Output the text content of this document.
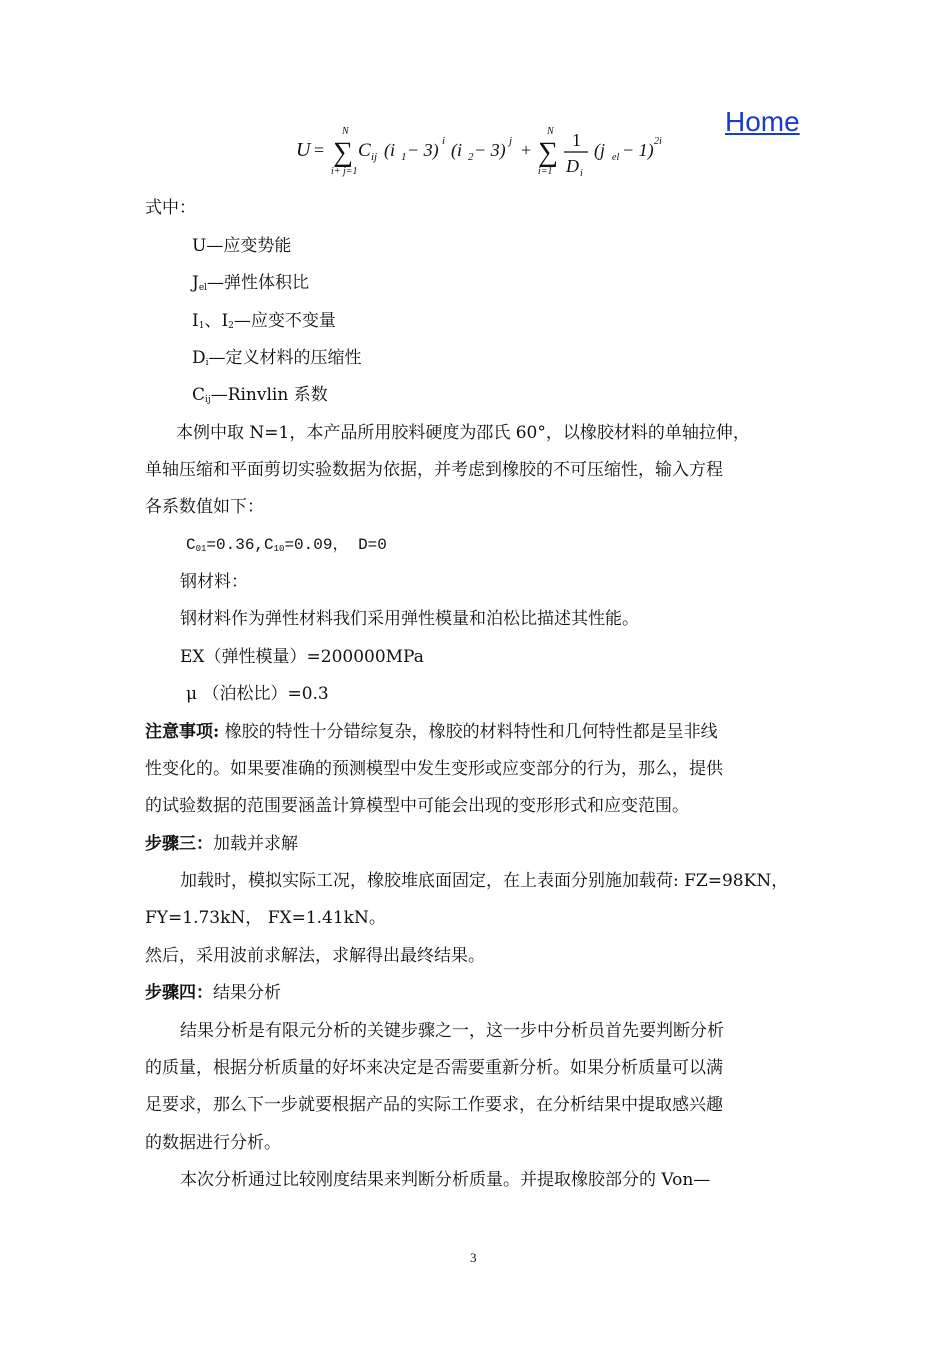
Home
U =
N
∑
i+ j=1
C ij (i 1 − 3) i (i 2 − 3) j +
N
∑
i=1
1
D i
(j el − 1) 2i
式中：
U—应变势能
$J_{el}—$弹性体积比
$I_1$、$I_2—$应变不变量
$D_i—$定义材料的压缩性
$C_{ij}—Rinvlin$ 系数
本例中取 N=1，本产品所用胶料硬度为邵氏 60°，以橡胶材料的单轴拉伸，
单轴压缩和平面剪切实验数据为依据，并考虑到橡胶的不可压缩性，输入方程
各系数值如下：
$C_{01}=0.36,C_{10}=0.09$， D=0
钢材料：
钢材料作为弹性材料我们采用弹性模量和泊松比描述其性能。
EX（弹性模量）=200000MPa
μ （泊松比）=0.3
注意事项: 橡胶的特性十分错综复杂，橡胶的材料特性和几何特性都是呈非线
性变化的。如果要准确的预测模型中发生变形或应变部分的行为，那么，提供
的试验数据的范围要涵盖计算模型中可能会出现的变形形式和应变范围。
步骤三：加载并求解
加载时，模拟实际工况，橡胶堆底面固定，在上表面分别施加载荷: FZ=98KN，
FY=1.73kN， FX=1.41kN。
然后，采用波前求解法，求解得出最终结果。
步骤四：结果分析
结果分析是有限元分析的关键步骤之一，这一步中分析员首先要判断分析
的质量，根据分析质量的好坏来决定是否需要重新分析。如果分析质量可以满
足要求，那么下一步就要根据产品的实际工作要求，在分析结果中提取感兴趣
的数据进行分析。
本次分析通过比较刚度结果来判断分析质量。并提取橡胶部分的 Von—
3
